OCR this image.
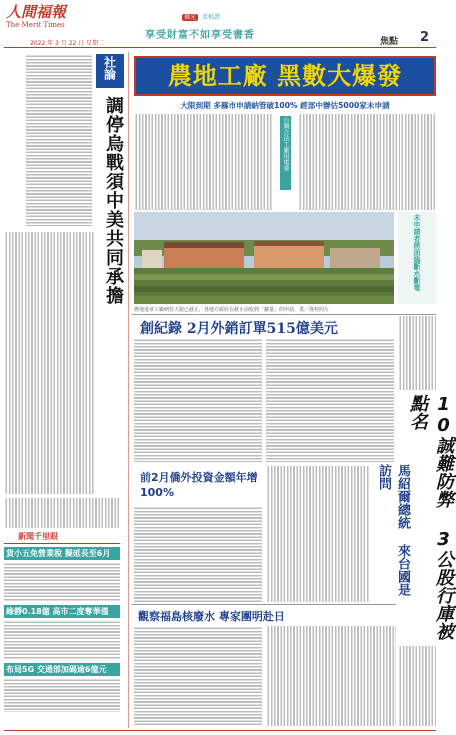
人間福報
The Merit Times
2022 年 3 月 22 日 星期二
佛光 菜根譚
享受財富不如享受書香
焦點 2
社論
調停烏戰須中美共同承擔
新聞千里眼
貨小五免營業稅 擬延長至6月
綠靜0.18億 高市二度奪華僅
布局5G 交通部加碼逾6億元
農地工廠 黑數大爆發
大限到期 多縣市申請納管破100% 經部中辦估5000家未申請
台灣合法工廠用電量
未申請者將面臨斷水斷電
農地違章工廠納管大限已截止，各地方政府在截止前收到「擴量」的申請，業／資料照片
創紀錄 2月外銷訂單515億美元
前2月僑外投資金額年增100%	馬紹爾總統 來台國是訪問
觀察福島核廢水 專家團明赴日	10誠難防弊 3公股行庫被點名
